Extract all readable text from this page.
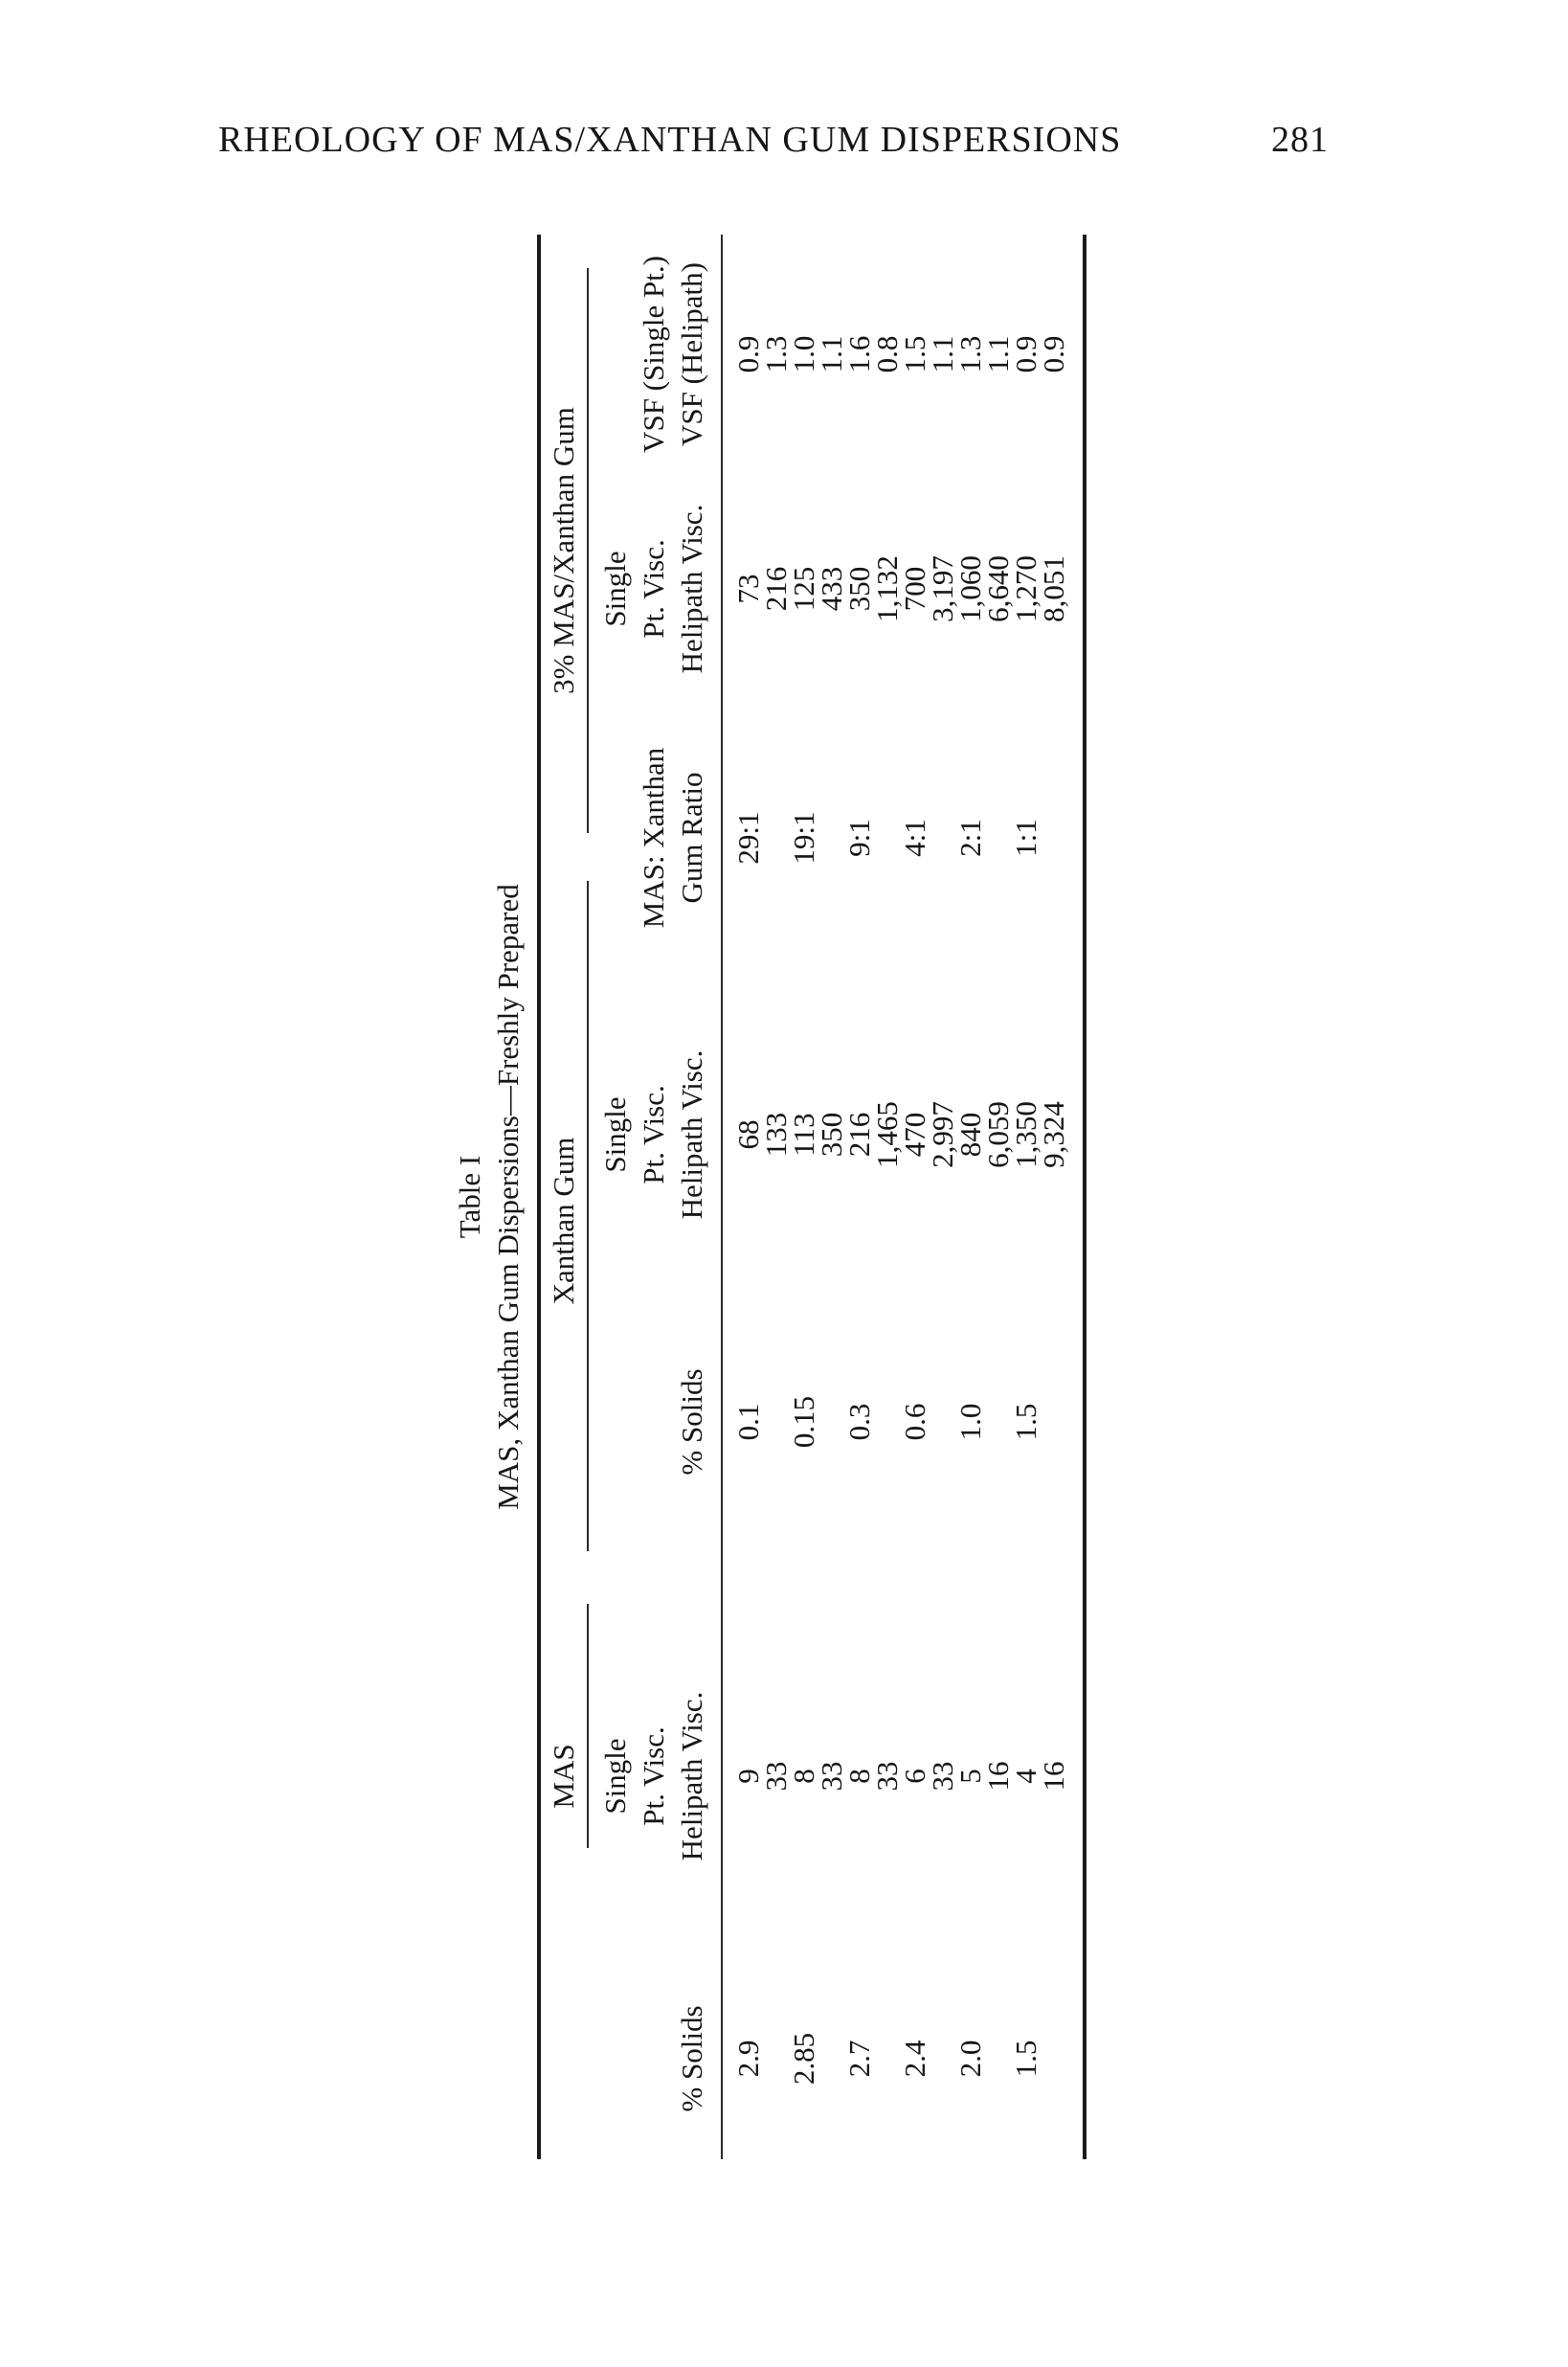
RHEOLOGY OF MAS/XANTHAN GUM DISPERSIONS	281
Table I MAS, Xanthan Gum Dispersions—Freshly Prepared
MAS
Xanthan Gum
3% MAS/Xanthan Gum
% Solids
Single Pt. Visc. Helipath Visc.
% Solids
Single Pt. Visc. Helipath Visc.
MAS: Xanthan Gum Ratio
Single Pt. Visc. Helipath Visc.
VSF (Single Pt.) VSF (Helipath)
2.9 2.85 2.7 2.4 2.0 1.5
9
33
8
33
8
33
6
33
5
16
4
16
0.1 0.15 0.3 0.6 1.0 1.5
68
133
113
350
216
1,465
470
2,997
840
6,059
1,350
9,324
29:1 19:1 9:1 4:1 2:1 1:1
73
216
125
433
350
1,132
700
3,197
1,060
6,640
1,270
8,051
0.9
1.3
1.0
1.1
1.6
0.8
1.5
1.1
1.3
1.1
0.9
0.9
